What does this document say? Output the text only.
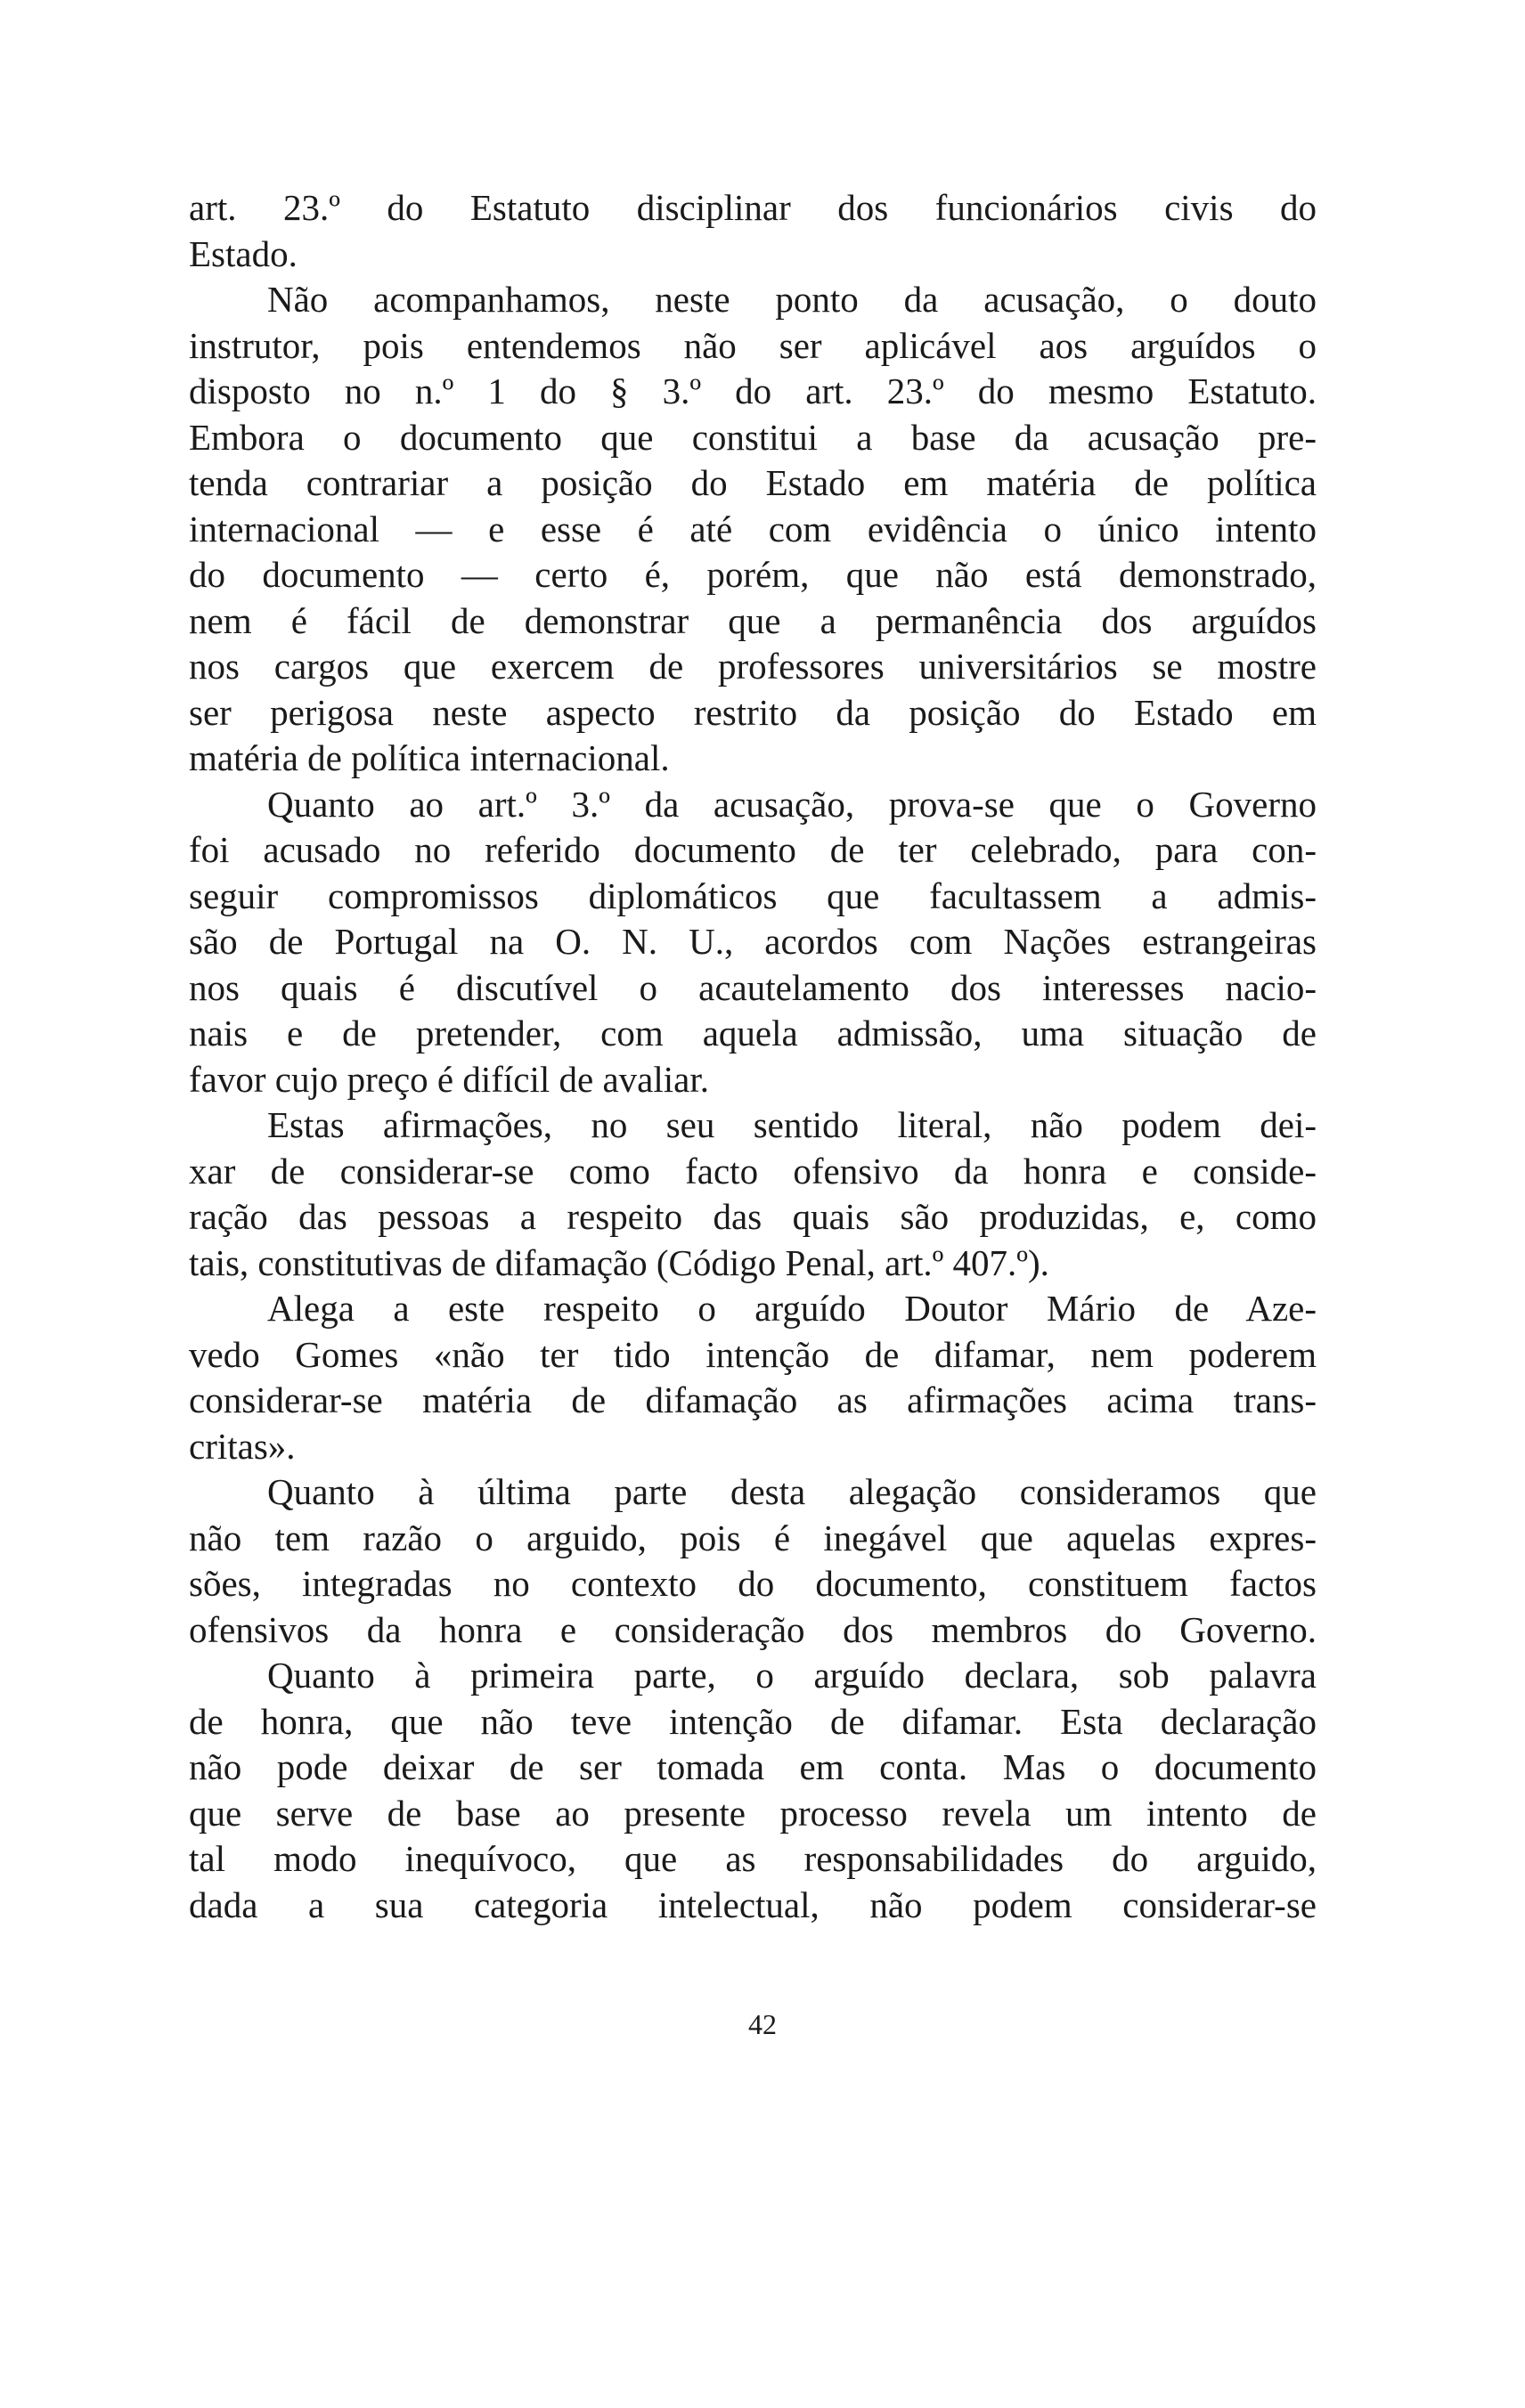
art. 23.º do Estatuto disciplinar dos funcionários civis do
Estado.
Não acompanhamos, neste ponto da acusação, o douto
instrutor, pois entendemos não ser aplicável aos arguídos o
disposto no n.º 1 do § 3.º do art. 23.º do mesmo Estatuto.
Embora o documento que constitui a base da acusação pre-
tenda contrariar a posição do Estado em matéria de política
internacional — e esse é até com evidência o único intento
do documento — certo é, porém, que não está demonstrado,
nem é fácil de demonstrar que a permanência dos arguídos
nos cargos que exercem de professores universitários se mostre
ser perigosa neste aspecto restrito da posição do Estado em
matéria de política internacional.
Quanto ao art.º 3.º da acusação, prova-se que o Governo
foi acusado no referido documento de ter celebrado, para con-
seguir compromissos diplomáticos que facultassem a admis-
são de Portugal na O. N. U., acordos com Nações estrangeiras
nos quais é discutível o acautelamento dos interesses nacio-
nais e de pretender, com aquela admissão, uma situação de
favor cujo preço é difícil de avaliar.
Estas afirmações, no seu sentido literal, não podem dei-
xar de considerar-se como facto ofensivo da honra e conside-
ração das pessoas a respeito das quais são produzidas, e, como
tais, constitutivas de difamação (Código Penal, art.º 407.º).
Alega a este respeito o arguído Doutor Mário de Aze-
vedo Gomes «não ter tido intenção de difamar, nem poderem
considerar-se matéria de difamação as afirmações acima trans-
critas».
Quanto à última parte desta alegação consideramos que
não tem razão o arguido, pois é inegável que aquelas expres-
sões, integradas no contexto do documento, constituem factos
ofensivos da honra e consideração dos membros do Governo.
Quanto à primeira parte, o arguído declara, sob palavra
de honra, que não teve intenção de difamar. Esta declaração
não pode deixar de ser tomada em conta. Mas o documento
que serve de base ao presente processo revela um intento de
tal modo inequívoco, que as responsabilidades do arguido,
dada a sua categoria intelectual, não podem considerar-se
42
